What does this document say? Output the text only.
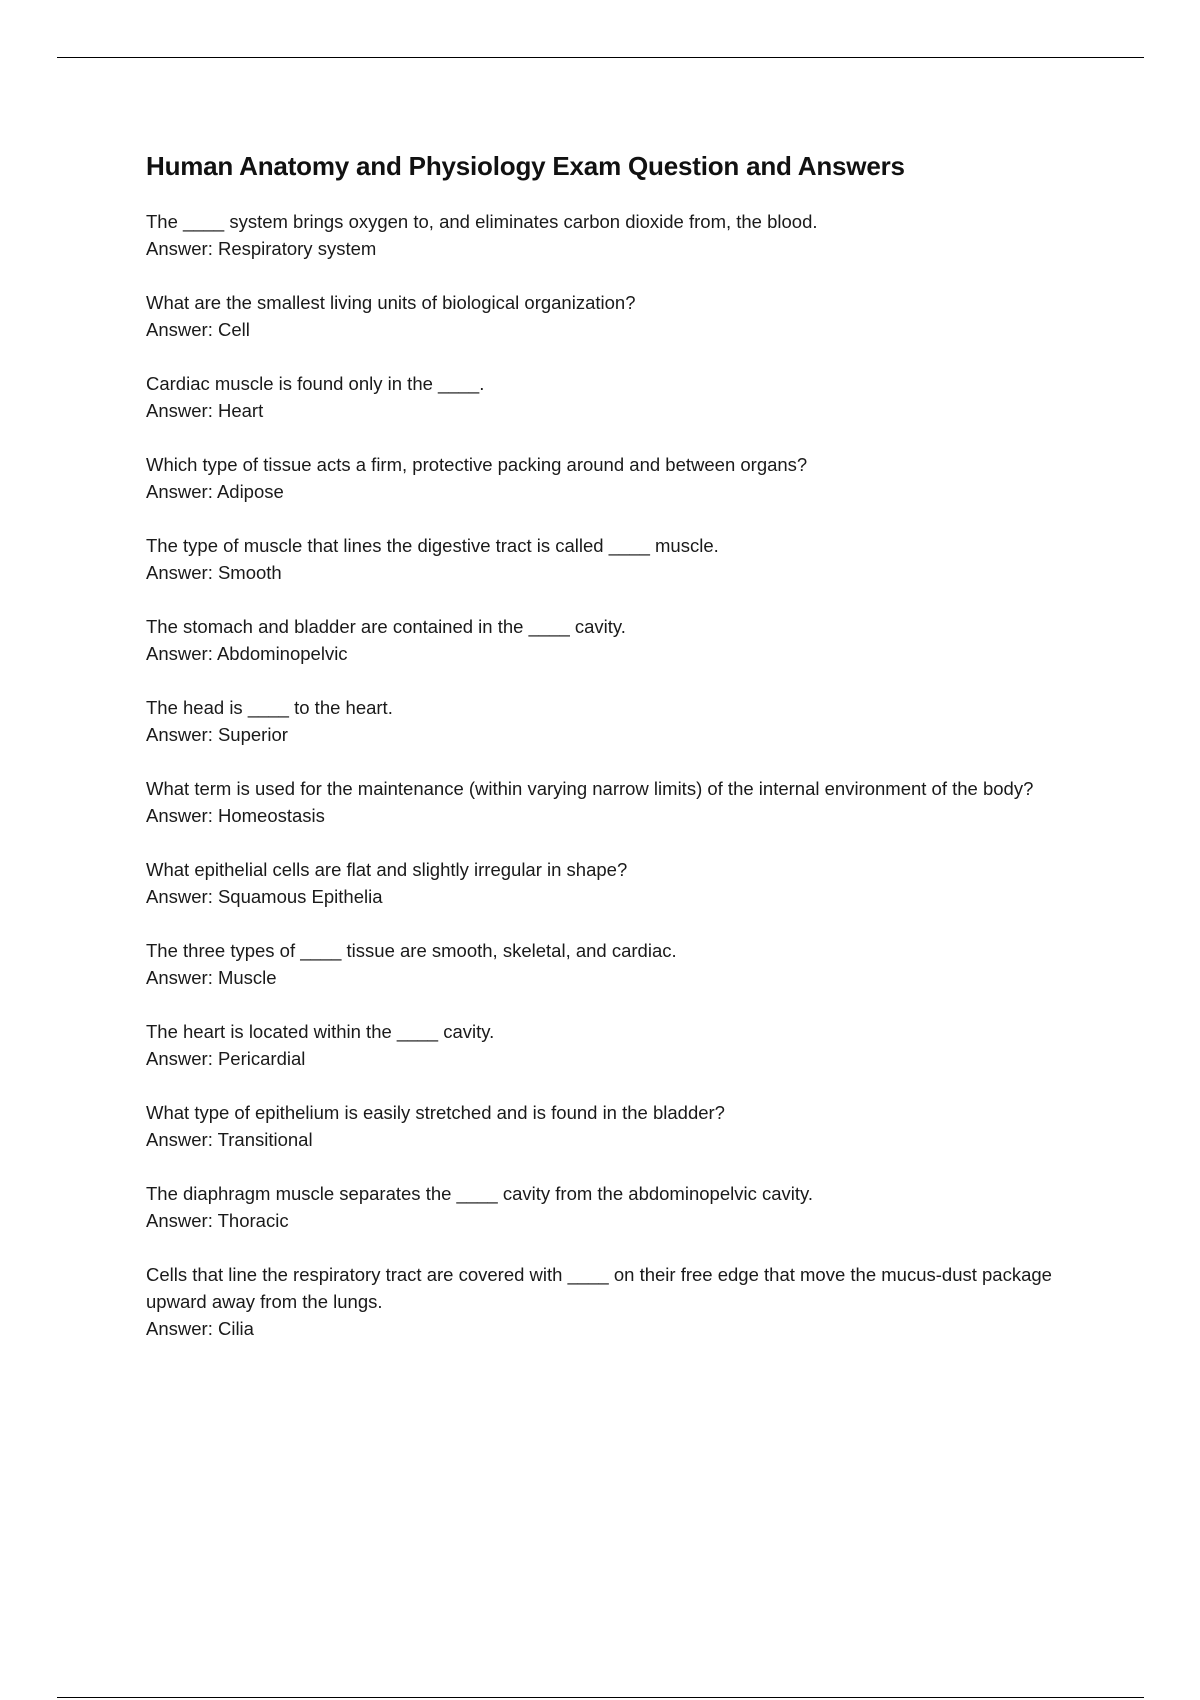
Human Anatomy and Physiology Exam Question and Answers

The ____ system brings oxygen to, and eliminates carbon dioxide from, the blood.

Answer: Respiratory system

What are the smallest living units of biological organization?

Answer: Cell

Cardiac muscle is found only in the ____.

Answer: Heart

Which type of tissue acts a firm, protective packing around and between organs?

Answer: Adipose

The type of muscle that lines the digestive tract is called ____ muscle.

Answer: Smooth

The stomach and bladder are contained in the ____ cavity.

Answer: Abdominopelvic

The head is ____ to the heart.

Answer: Superior

What term is used for the maintenance (within varying narrow limits) of the internal environment of the body?

Answer: Homeostasis

What epithelial cells are flat and slightly irregular in shape?

Answer: Squamous Epithelia

The three types of ____ tissue are smooth, skeletal, and cardiac.

Answer: Muscle

The heart is located within the ____ cavity.

Answer: Pericardial

What type of epithelium is easily stretched and is found in the bladder?

Answer: Transitional

The diaphragm muscle separates the ____ cavity from the abdominopelvic cavity.

Answer: Thoracic

Cells that line the respiratory tract are covered with ____ on their free edge that move the mucus-dust package upward away from the lungs.

Answer: Cilia
